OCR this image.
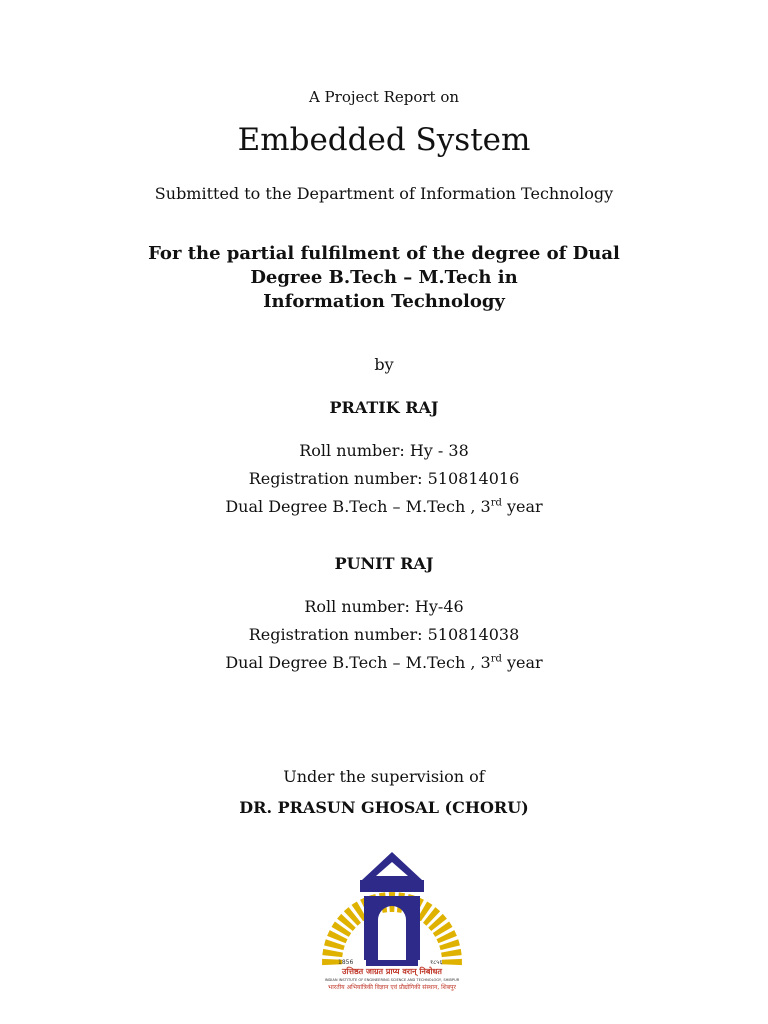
A Project Report on
Embedded System
Submitted to the Department of Information Technology
For the partial fulfilment of the degree of Dual
Degree B.Tech – M.Tech in
Information Technology
by
PRATIK RAJ
Roll number: Hy - 38
Registration number: 510814016
Dual Degree B.Tech – M.Tech , 3rd year
PUNIT RAJ
Roll number: Hy-46
Registration number: 510814038
Dual Degree B.Tech – M.Tech , 3rd year
Under the supervision of
DR. PRASUN GHOSAL (CHORU)
1856	१८५६
उत्तिष्ठत जाग्रत प्राप्य वरान् निबोधत
INDIAN INSTITUTE OF ENGINEERING SCIENCE AND TECHNOLOGY, SHIBPUR
भारतीय अभियांत्रिकी विज्ञान एवं प्रौद्योगिकी संस्थान, शिबपुर
